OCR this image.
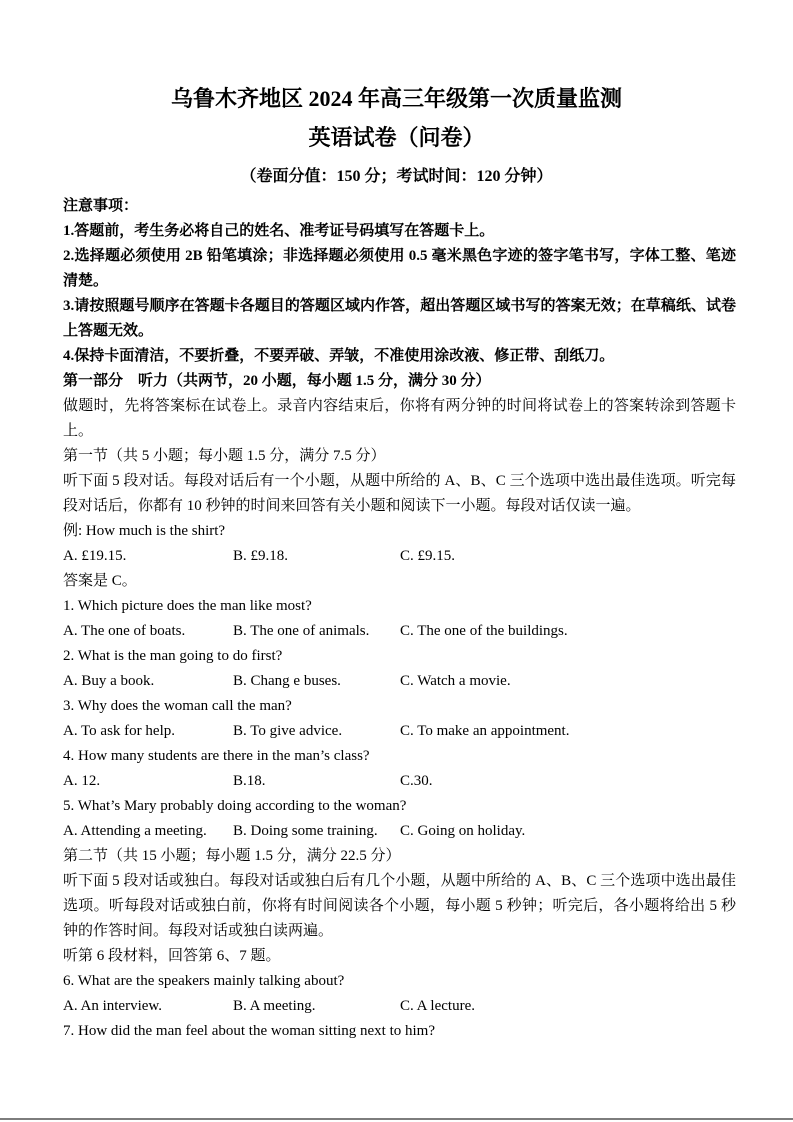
乌鲁木齐地区 2024 年高三年级第一次质量监测
英语试卷（问卷）
（卷面分值：150 分；考试时间：120 分钟）
注意事项：
1.答题前，考生务必将自己的姓名、准考证号码填写在答题卡上。
2.选择题必须使用 2B 铅笔填涂；非选择题必须使用 0.5 毫米黑色字迹的签字笔书写，字体工整、笔迹清楚。
3.请按照题号顺序在答题卡各题目的答题区域内作答，超出答题区域书写的答案无效；在草稿纸、试卷上答题无效。
4.保持卡面清洁，不要折叠，不要弄破、弄皱，不准使用涂改液、修正带、刮纸刀。
第一部分　听力（共两节，20 小题，每小题 1.5 分，满分 30 分）
做题时，先将答案标在试卷上。录音内容结束后，你将有两分钟的时间将试卷上的答案转涂到答题卡上。
第一节（共 5 小题；每小题 1.5 分，满分 7.5 分）
听下面 5 段对话。每段对话后有一个小题，从题中所给的 A、B、C 三个选项中选出最佳选项。听完每段对话后，你都有 10 秒钟的时间来回答有关小题和阅读下一小题。每段对话仅读一遍。
例: How much is the shirt?
A. £19.15.	B. £9.18.	C. £9.15.
答案是 C。
1. Which picture does the man like most?
A. The one of boats.	B. The one of animals.	C. The one of the buildings.
2. What is the man going to do first?
A. Buy a book.	B. Chang e buses.	C. Watch a movie.
3. Why does the woman call the man?
A. To ask for help.	B. To give advice.	C. To make an appointment.
4. How many students are there in the man’s class?
A. 12.	B.18.	C.30.
5. What’s Mary probably doing according to the woman?
A. Attending a meeting.	B. Doing some training.	C. Going on holiday.
第二节（共 15 小题；每小题 1.5 分，满分 22.5 分）
听下面 5 段对话或独白。每段对话或独白后有几个小题，从题中所给的 A、B、C 三个选项中选出最佳选项。听每段对话或独白前，你将有时间阅读各个小题，每小题 5 秒钟；听完后，各小题将给出 5 秒钟的作答时间。每段对话或独白读两遍。
听第 6 段材料，回答第 6、7 题。
6. What are the speakers mainly talking about?
A. An interview.	B. A meeting.	C. A lecture.
7. How did the man feel about the woman sitting next to him?
